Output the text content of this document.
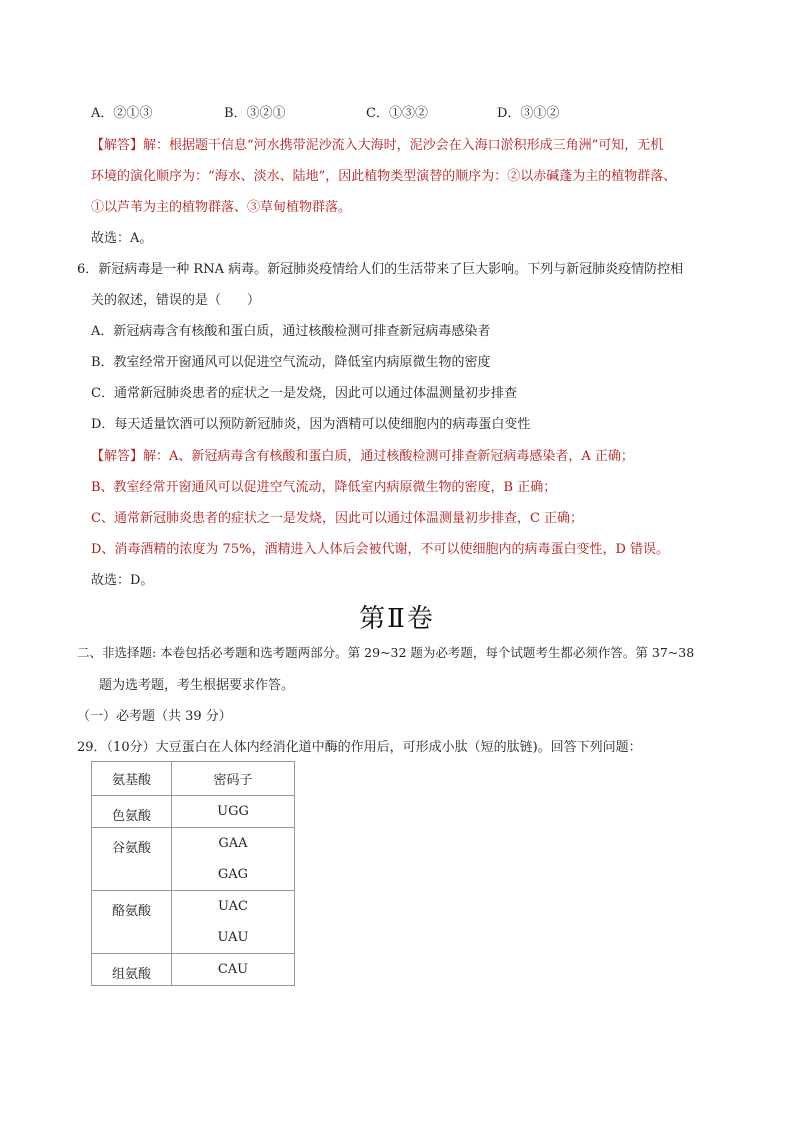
A．②①③	B．③②①	C．①③②	D．③①②
【解答】解：根据题干信息“河水携带泥沙流入大海时，泥沙会在入海口淤积形成三角洲”可知，无机
环境的演化顺序为：“海水、淡水、陆地”，因此植物类型演替的顺序为：②以赤碱蓬为主的植物群落、
①以芦苇为主的植物群落、③草甸植物群落。
故选：A。
6．新冠病毒是一种 RNA 病毒。新冠肺炎疫情给人们的生活带来了巨大影响。下列与新冠肺炎疫情防控相
关的叙述，错误的是（　　）
A．新冠病毒含有核酸和蛋白质，通过核酸检测可排查新冠病毒感染者
B．教室经常开窗通风可以促进空气流动，降低室内病原微生物的密度
C．通常新冠肺炎患者的症状之一是发烧，因此可以通过体温测量初步排查
D．每天适量饮酒可以预防新冠肺炎，因为酒精可以使细胞内的病毒蛋白变性
【解答】解：A、新冠病毒含有核酸和蛋白质，通过核酸检测可排查新冠病毒感染者，A 正确；
B、教室经常开窗通风可以促进空气流动，降低室内病原微生物的密度，B 正确；
C、通常新冠肺炎患者的症状之一是发烧，因此可以通过体温测量初步排查，C 正确；
D、消毒酒精的浓度为 75%，酒精进入人体后会被代谢，不可以使细胞内的病毒蛋白变性，D 错误。
故选：D。
第Ⅱ卷
二、非选择题: 本卷包括必考题和选考题两部分。第 29~32 题为必考题，每个试题考生都必须作答。第 37~38
题为选考题，考生根据要求作答。
（一）必考题（共 39 分）
29．（10分）大豆蛋白在人体内经消化道中酶的作用后，可形成小肽（短的肽链)。回答下列问题：
氨基酸	密码子

色氨酸	UGG

谷氨酸	GAA
GAG

酪氨酸	UAC
UAU

组氨酸	CAU
